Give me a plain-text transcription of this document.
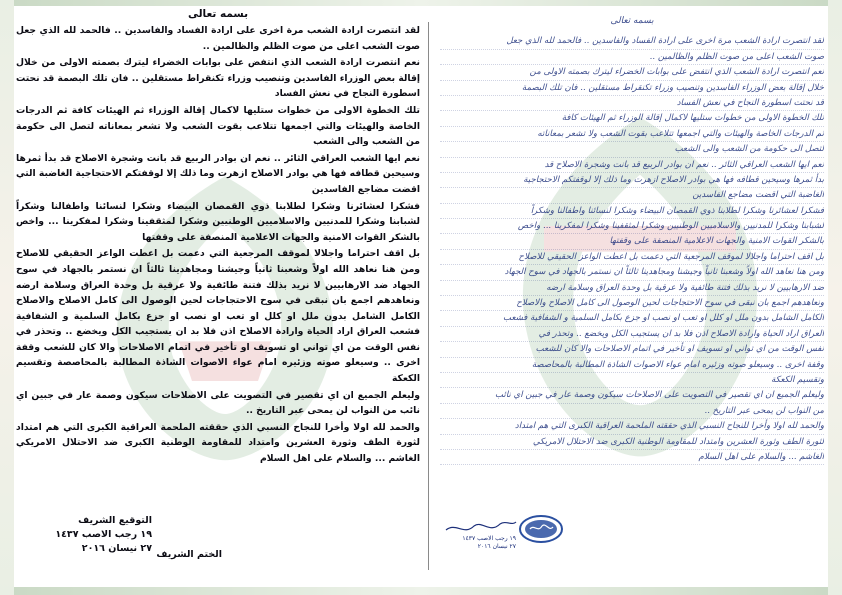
بسمه تعالى

لقد انتصرت ارادة الشعب مرة اخرى على ارادة الفساد والفاسدين .. فالحمد لله الذي جعل صوت الشعب اعلى من صوت الظلم والظالمين ..

نعم انتصرت ارادة الشعب الذي انتفض على بوابات الخضراء ليترك بصمته الاولى من خلال إقالة بعض الوزراء الفاسدين وتنصيب وزراء تكنقراط مستقلين .. فان تلك البصمة قد نحتت اسطورة النجاح في نعش الفساد

تلك الخطوة الاولى من خطوات ستليها لاكمال إقالة الوزراء ثم الهيئات كافة ثم الدرجات الخاصة والهيئات والتي اجمعها تتلاعب بقوت الشعب ولا تشعر بمعاناته لتصل الى حكومة من الشعب والى الشعب

نعم ايها الشعب العراقي الثائر .. نعم ان بوادر الربيع قد بانت وشجرة الاصلاح قد بدأ ثمرها وسيحين قطافه فها هي بوادر الاصلاح ازهرت وما ذلك إلا لوقفتكم الاحتجاجية الغاضبة التي اقضت مضاجع الفاسدين

فشكرا لعشائرنا وشكرا لطلابنا ذوي القمصان البيضاء وشكرا لنسائنا واطفالنا وشكراً لشبابنا وشكرا للمدنيين والاسلاميين الوطنيين وشكرا لمثقفينا وشكرا لمفكرينا ... واخص بالشكر القوات الامنية والجهات الاعلامية المنصفة على وقفتها

بل اقف احتراما واجلالا لموقف المرجعية التي دعمت بل اعطت الواعز الحقيقي للاصلاح ومن هنا نعاهد الله اولاً وشعبنا ثانياً وجيشنا ومجاهدينا ثالثاً ان نستمر بالجهاد في سوح الجهاد ضد الارهابيين لا نريد بذلك فتنة طائفية ولا عرقية بل وحدة العراق وسلامة ارضه ونعاهدهم اجمع بان نبقى في سوح الاحتجاجات لحين الوصول الى كامل الاصلاح والاصلاح الكامل الشامل بدون ملل او كلل او تعب او نصب او جزع بكامل السلمية و الشفافية فشعب العراق اراد الحياة وارادة الاصلاح اذن فلا بد ان يستجيب الكل ويخضع .. وتحذر في نفس الوقت من اي تواني او تسويف او تأخير في اتمام الاصلاحات والا كان للشعب وقفة اخرى .. وسيعلو صوته وزئيره امام عواء الاصوات الشاذة المطالبة بالمحاصصة وتقسيم الكعكة

وليعلم الجميع ان اي تقصير في التصويت على الاصلاحات سيكون وصمة عار في جبين اي نائب من النواب لن يمحى عبر التاريخ ..

والحمد لله اولا وأخرا للنجاح النسبي الذي حققته الملحمة العراقية الكبرى التي هم امتداد لثورة الطف وثورة العشرين وامتداد للمقاومة الوطنية الكبرى ضد الاحتلال الامريكي الغاشم ... والسلام على اهل السلام

التوقيع الشريف
١٩ رجب الاصب ١٤٣٧
٢٧ نيسان ٢٠١٦
الختم الشريف
بسمه تعالى
لقد انتصرت ارادة الشعب مرة اخرى على ارادة الفساد والفاسدين .. فالحمد لله الذي جعل
صوت الشعب اعلى من صوت الظلم والظالمين ..
نعم انتصرت ارادة الشعب الذي انتفض على بوابات الخضراء ليترك بصمته الاولى من
خلال إقالة بعض الوزراء الفاسدين وتنصيب وزراء تكنقراط مستقلين .. فان تلك البصمة
قد نحتت اسطورة النجاح في نعش الفساد
تلك الخطوة الاولى من خطوات ستليها لاكمال إقالة الوزراء ثم الهيئات كافة
ثم الدرجات الخاصة والهيئات والتي اجمعها تتلاعب بقوت الشعب ولا تشعر بمعاناته
لتصل الى حكومة من الشعب والى الشعب
نعم ايها الشعب العراقي الثائر .. نعم ان بوادر الربيع قد بانت وشجرة الاصلاح قد
بدأ ثمرها وسيحين قطافه فها هي بوادر الاصلاح ازهرت وما ذلك إلا لوقفتكم الاحتجاجية
الغاضبة التي اقضت مضاجع الفاسدين
فشكرا لعشائرنا وشكرا لطلابنا ذوي القمصان البيضاء وشكرا لنسائنا واطفالنا وشكراً
لشبابنا وشكرا للمدنيين والاسلاميين الوطنيين وشكرا لمثقفينا وشكرا لمفكرينا ... واخص
بالشكر القوات الامنية والجهات الاعلامية المنصفة على وقفتها
بل اقف احتراما واجلالا لموقف المرجعية التي دعمت بل اعطت الواعز الحقيقي للاصلاح
ومن هنا نعاهد الله اولاً وشعبنا ثانياً وجيشنا ومجاهدينا ثالثاً ان نستمر بالجهاد في سوح الجهاد
ضد الارهابيين لا نريد بذلك فتنة طائفية ولا عرقية بل وحدة العراق وسلامة ارضه
ونعاهدهم اجمع بان نبقى في سوح الاحتجاجات لحين الوصول الى كامل الاصلاح والاصلاح
الكامل الشامل بدون ملل او كلل او تعب او نصب او جزع بكامل السلمية و الشفافية فشعب
العراق اراد الحياة وارادة الاصلاح اذن فلا بد ان يستجيب الكل ويخضع .. وتحذر في
نفس الوقت من اي تواني او تسويف او تأخير في اتمام الاصلاحات والا كان للشعب
وقفة اخرى .. وسيعلو صوته وزئيره امام عواء الاصوات الشاذة المطالبة بالمحاصصة
وتقسيم الكعكة
وليعلم الجميع ان اي تقصير في التصويت على الاصلاحات سيكون وصمة عار في جبين اي نائب
من النواب لن يمحى عبر التاريخ ..
والحمد لله اولا وأخرا للنجاح النسبي الذي حققته الملحمة العراقية الكبرى التي هم امتداد
لثورة الطف وثورة العشرين وامتداد للمقاومة الوطنية الكبرى ضد الاحتلال الامريكي
الغاشم ... والسلام على اهل السلام
١٩ رجب الاصب ١٤٣٧
٢٧ نيسان ٢٠١٦
